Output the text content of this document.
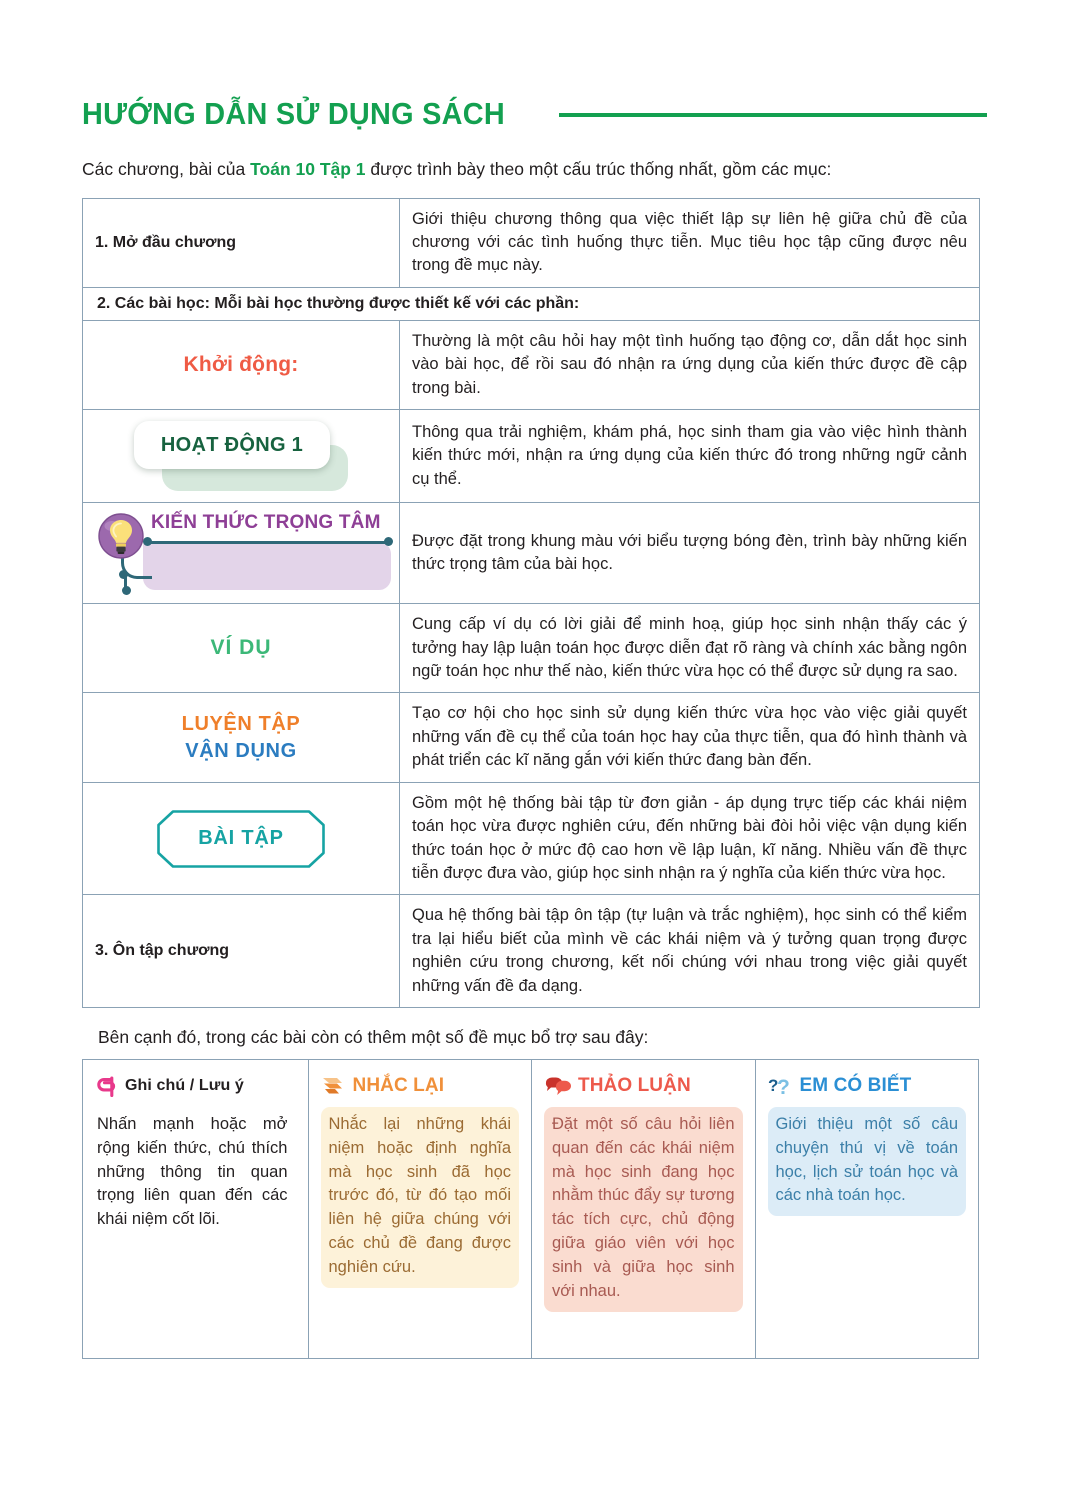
HƯỚNG DẪN SỬ DỤNG SÁCH

Các chương, bài của Toán 10 Tập 1 được trình bày theo một cấu trúc thống nhất, gồm các mục:

1. Mở đầu chương	Giới thiệu chương thông qua việc thiết lập sự liên hệ giữa chủ đề của chương với các tình huống thực tiễn. Mục tiêu học tập cũng được nêu trong đề mục này.
2. Các bài học: Mỗi bài học thường được thiết kế với các phần:	

Khởi động:	Thường là một câu hỏi hay một tình huống tạo động cơ, dẫn dắt học sinh vào bài học, để rồi sau đó nhận ra ứng dụng của kiến thức được đề cập trong bài.

HOẠT ĐỘNG 1	Thông qua trải nghiệm, khám phá, học sinh tham gia vào việc hình thành kiến thức mới, nhận ra ứng dụng của kiến thức đó trong những ngữ cảnh cụ thể.

KIẾN THỨC TRỌNG TÂM	Được đặt trong khung màu với biểu tượng bóng đèn, trình bày những kiến thức trọng tâm của bài học.

VÍ DỤ	Cung cấp ví dụ có lời giải để minh hoạ, giúp học sinh nhận thấy các ý tưởng hay lập luận toán học được diễn đạt rõ ràng và chính xác bằng ngôn ngữ toán học như thế nào, kiến thức vừa học có thể được sử dụng ra sao.

LUYỆN TẬP
VẬN DỤNG	Tạo cơ hội cho học sinh sử dụng kiến thức vừa học vào việc giải quyết những vấn đề cụ thể của toán học hay của thực tiễn, qua đó hình thành và phát triển các kĩ năng gắn với kiến thức đang bàn đến.

BÀI TẬP	Gồm một hệ thống bài tập từ đơn giản - áp dụng trực tiếp các khái niệm toán học vừa được nghiên cứu, đến những bài đòi hỏi việc vận dụng kiến thức toán học ở mức độ cao hơn về lập luận, kĩ năng. Nhiều vấn đề thực tiễn được đưa vào, giúp học sinh nhận ra ý nghĩa của kiến thức vừa học.
3. Ôn tập chương	Qua hệ thống bài tập ôn tập (tự luận và trắc nghiệm), học sinh có thể kiểm tra lại hiểu biết của mình về các khái niệm và ý tưởng quan trọng được nghiên cứu trong chương, kết nối chúng với nhau trong việc giải quyết những vấn đề đa dạng.

Bên cạnh đó, trong các bài còn có thêm một số đề mục bổ trợ sau đây:

Ghi chú / Lưu ý
Nhấn mạnh hoặc mở rộng kiến thức, chú thích những thông tin quan trọng liên quan đến các khái niệm cốt lõi.
NHẮC LẠI
Nhắc lại những khái niệm hoặc định nghĩa mà học sinh đã học trước đó, từ đó tạo mối liên hệ giữa chúng với các chủ đề đang được nghiên cứu.
THẢO LUẬN
Đặt một số câu hỏi liên quan đến các khái niệm mà học sinh đang học nhằm thúc đẩy sự tương tác tích cực, chủ động giữa giáo viên với học sinh và giữa học sinh với nhau.
?
? EM CÓ BIẾT
Giới thiệu một số câu chuyện thú vị về toán học, lịch sử toán học và các nhà toán học.
